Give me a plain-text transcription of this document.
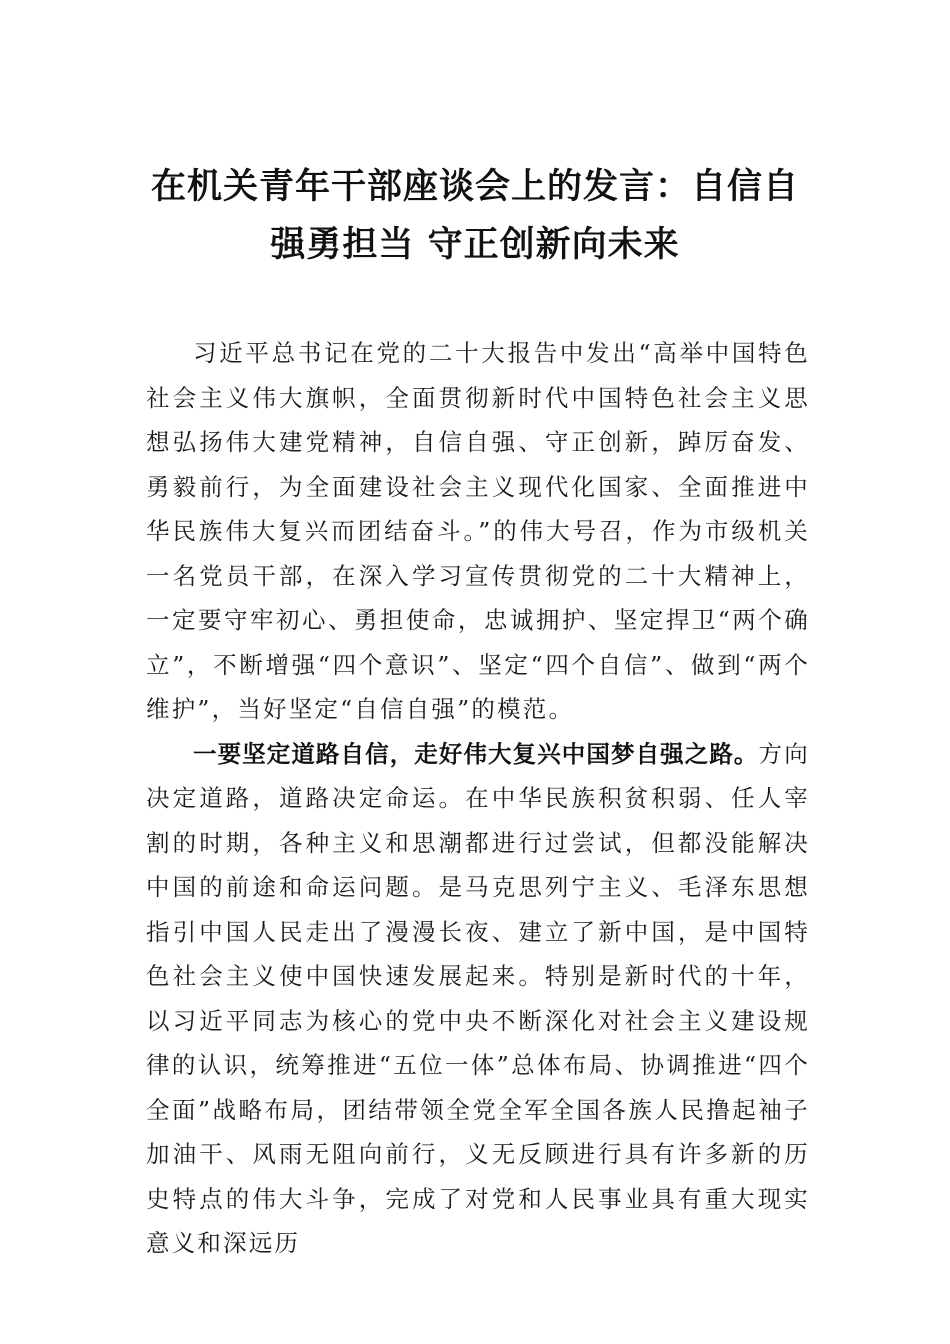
在机关青年干部座谈会上的发言：自信自
强勇担当 守正创新向未来

习近平总书记在党的二十大报告中发出“高举中国特色社会主义伟大旗帜，全面贯彻新时代中国特色社会主义思想弘扬伟大建党精神，自信自强、守正创新，踔厉奋发、勇毅前行，为全面建设社会主义现代化国家、全面推进中华民族伟大复兴而团结奋斗。”的伟大号召，作为市级机关一名党员干部，在深入学习宣传贯彻党的二十大精神上，一定要守牢初心、勇担使命，忠诚拥护、坚定捍卫“两个确立”，不断增强“四个意识”、坚定“四个自信”、做到“两个维护”，当好坚定“自信自强”的模范。

一要坚定道路自信，走好伟大复兴中国梦自强之路。方向决定道路，道路决定命运。在中华民族积贫积弱、任人宰割的时期，各种主义和思潮都进行过尝试，但都没能解决中国的前途和命运问题。是马克思列宁主义、毛泽东思想指引中国人民走出了漫漫长夜、建立了新中国，是中国特色社会主义使中国快速发展起来。特别是新时代的十年，以习近平同志为核心的党中央不断深化对社会主义建设规律的认识，统筹推进“五位一体”总体布局、协调推进“四个全面”战略布局，团结带领全党全军全国各族人民撸起袖子加油干、风雨无阻向前行，义无反顾进行具有许多新的历史特点的伟大斗争，完成了对党和人民事业具有重大现实意义和深远历
